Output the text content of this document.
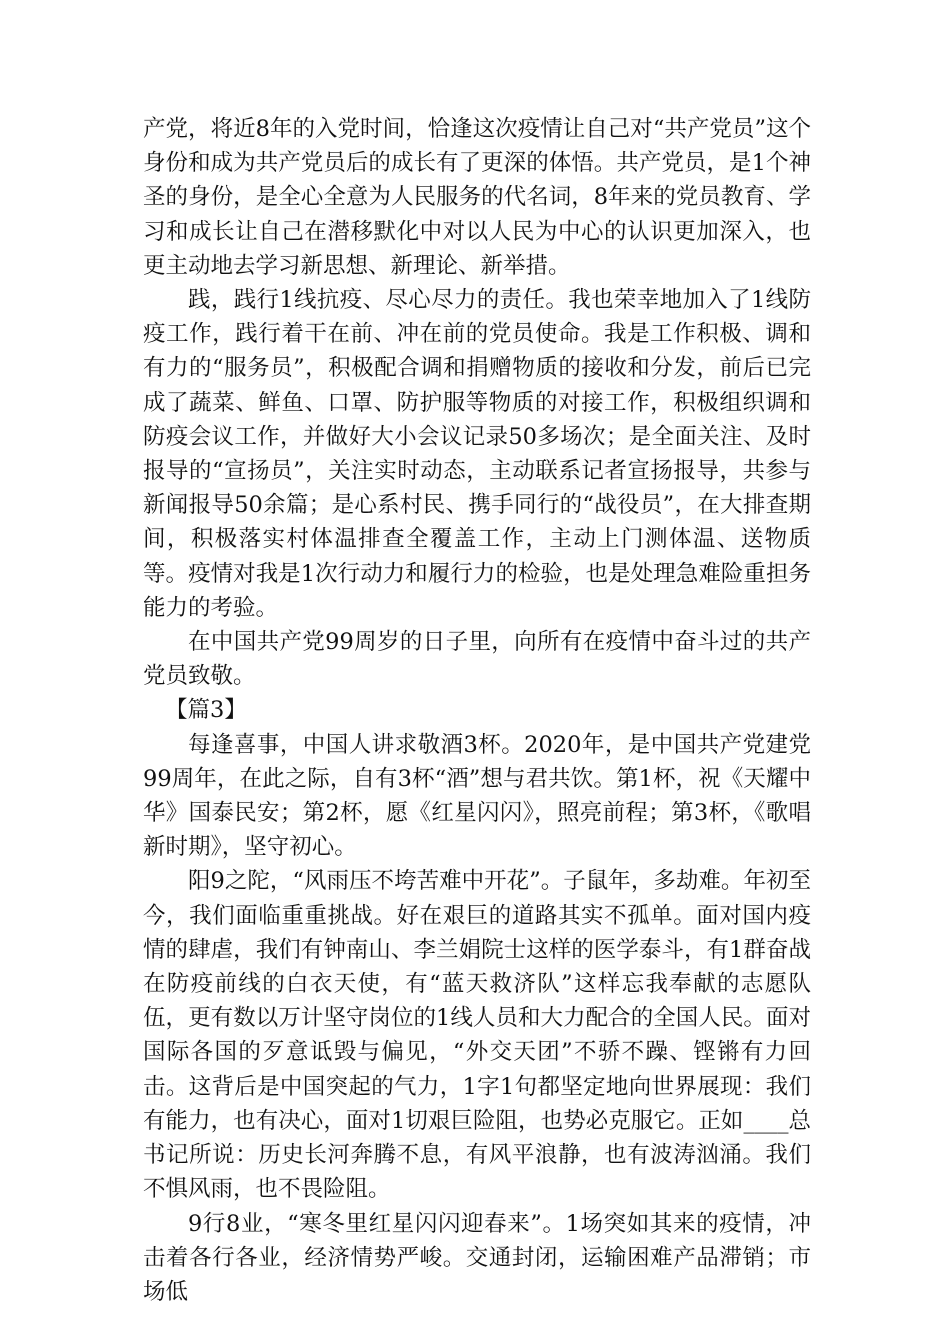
产党，将近8年的入党时间，恰逢这次疫情让自己对“共产党员”这个身份和成为共产党员后的成长有了更深的体悟。共产党员，是1个神圣的身份，是全心全意为人民服务的代名词，8年来的党员教育、学习和成长让自己在潜移默化中对以人民为中心的认识更加深入，也更主动地去学习新思想、新理论、新举措。

践，践行1线抗疫、尽心尽力的责任。我也荣幸地加入了1线防疫工作，践行着干在前、冲在前的党员使命。我是工作积极、调和有力的“服务员”，积极配合调和捐赠物质的接收和分发，前后已完成了蔬菜、鲜鱼、口罩、防护服等物质的对接工作，积极组织调和防疫会议工作，并做好大小会议记录50多场次；是全面关注、及时报导的“宣扬员”，关注实时动态，主动联系记者宣扬报导，共参与新闻报导50余篇；是心系村民、携手同行的“战役员”，在大排查期间，积极落实村体温排查全覆盖工作，主动上门测体温、送物质等。疫情对我是1次行动力和履行力的检验，也是处理急难险重担务能力的考验。

在中国共产党99周岁的日子里，向所有在疫情中奋斗过的共产党员致敬。

【篇3】

每逢喜事，中国人讲求敬酒3杯。2020年，是中国共产党建党99周年，在此之际，自有3杯“酒”想与君共饮。第1杯，祝《天耀中华》国泰民安；第2杯，愿《红星闪闪》，照亮前程；第3杯，《歌唱新时期》，坚守初心。

阳9之陀，“风雨压不垮苦难中开花”。子鼠年，多劫难。年初至今，我们面临重重挑战。好在艰巨的道路其实不孤单。面对国内疫情的肆虐，我们有钟南山、李兰娟院士这样的医学泰斗，有1群奋战在防疫前线的白衣天使，有“蓝天救济队”这样忘我奉献的志愿队伍，更有数以万计坚守岗位的1线人员和大力配合的全国人民。面对国际各国的歹意诋毁与偏见，“外交天团”不骄不躁、铿锵有力回击。这背后是中国突起的气力，1字1句都坚定地向世界展现：我们有能力，也有决心，面对1切艰巨险阻，也势必克服它。正如____总书记所说：历史长河奔腾不息，有风平浪静，也有波涛汹涌。我们不惧风雨，也不畏险阻。

9行8业，“寒冬里红星闪闪迎春来”。1场突如其来的疫情，冲击着各行各业，经济情势严峻。交通封闭，运输困难产品滞销；市场低
